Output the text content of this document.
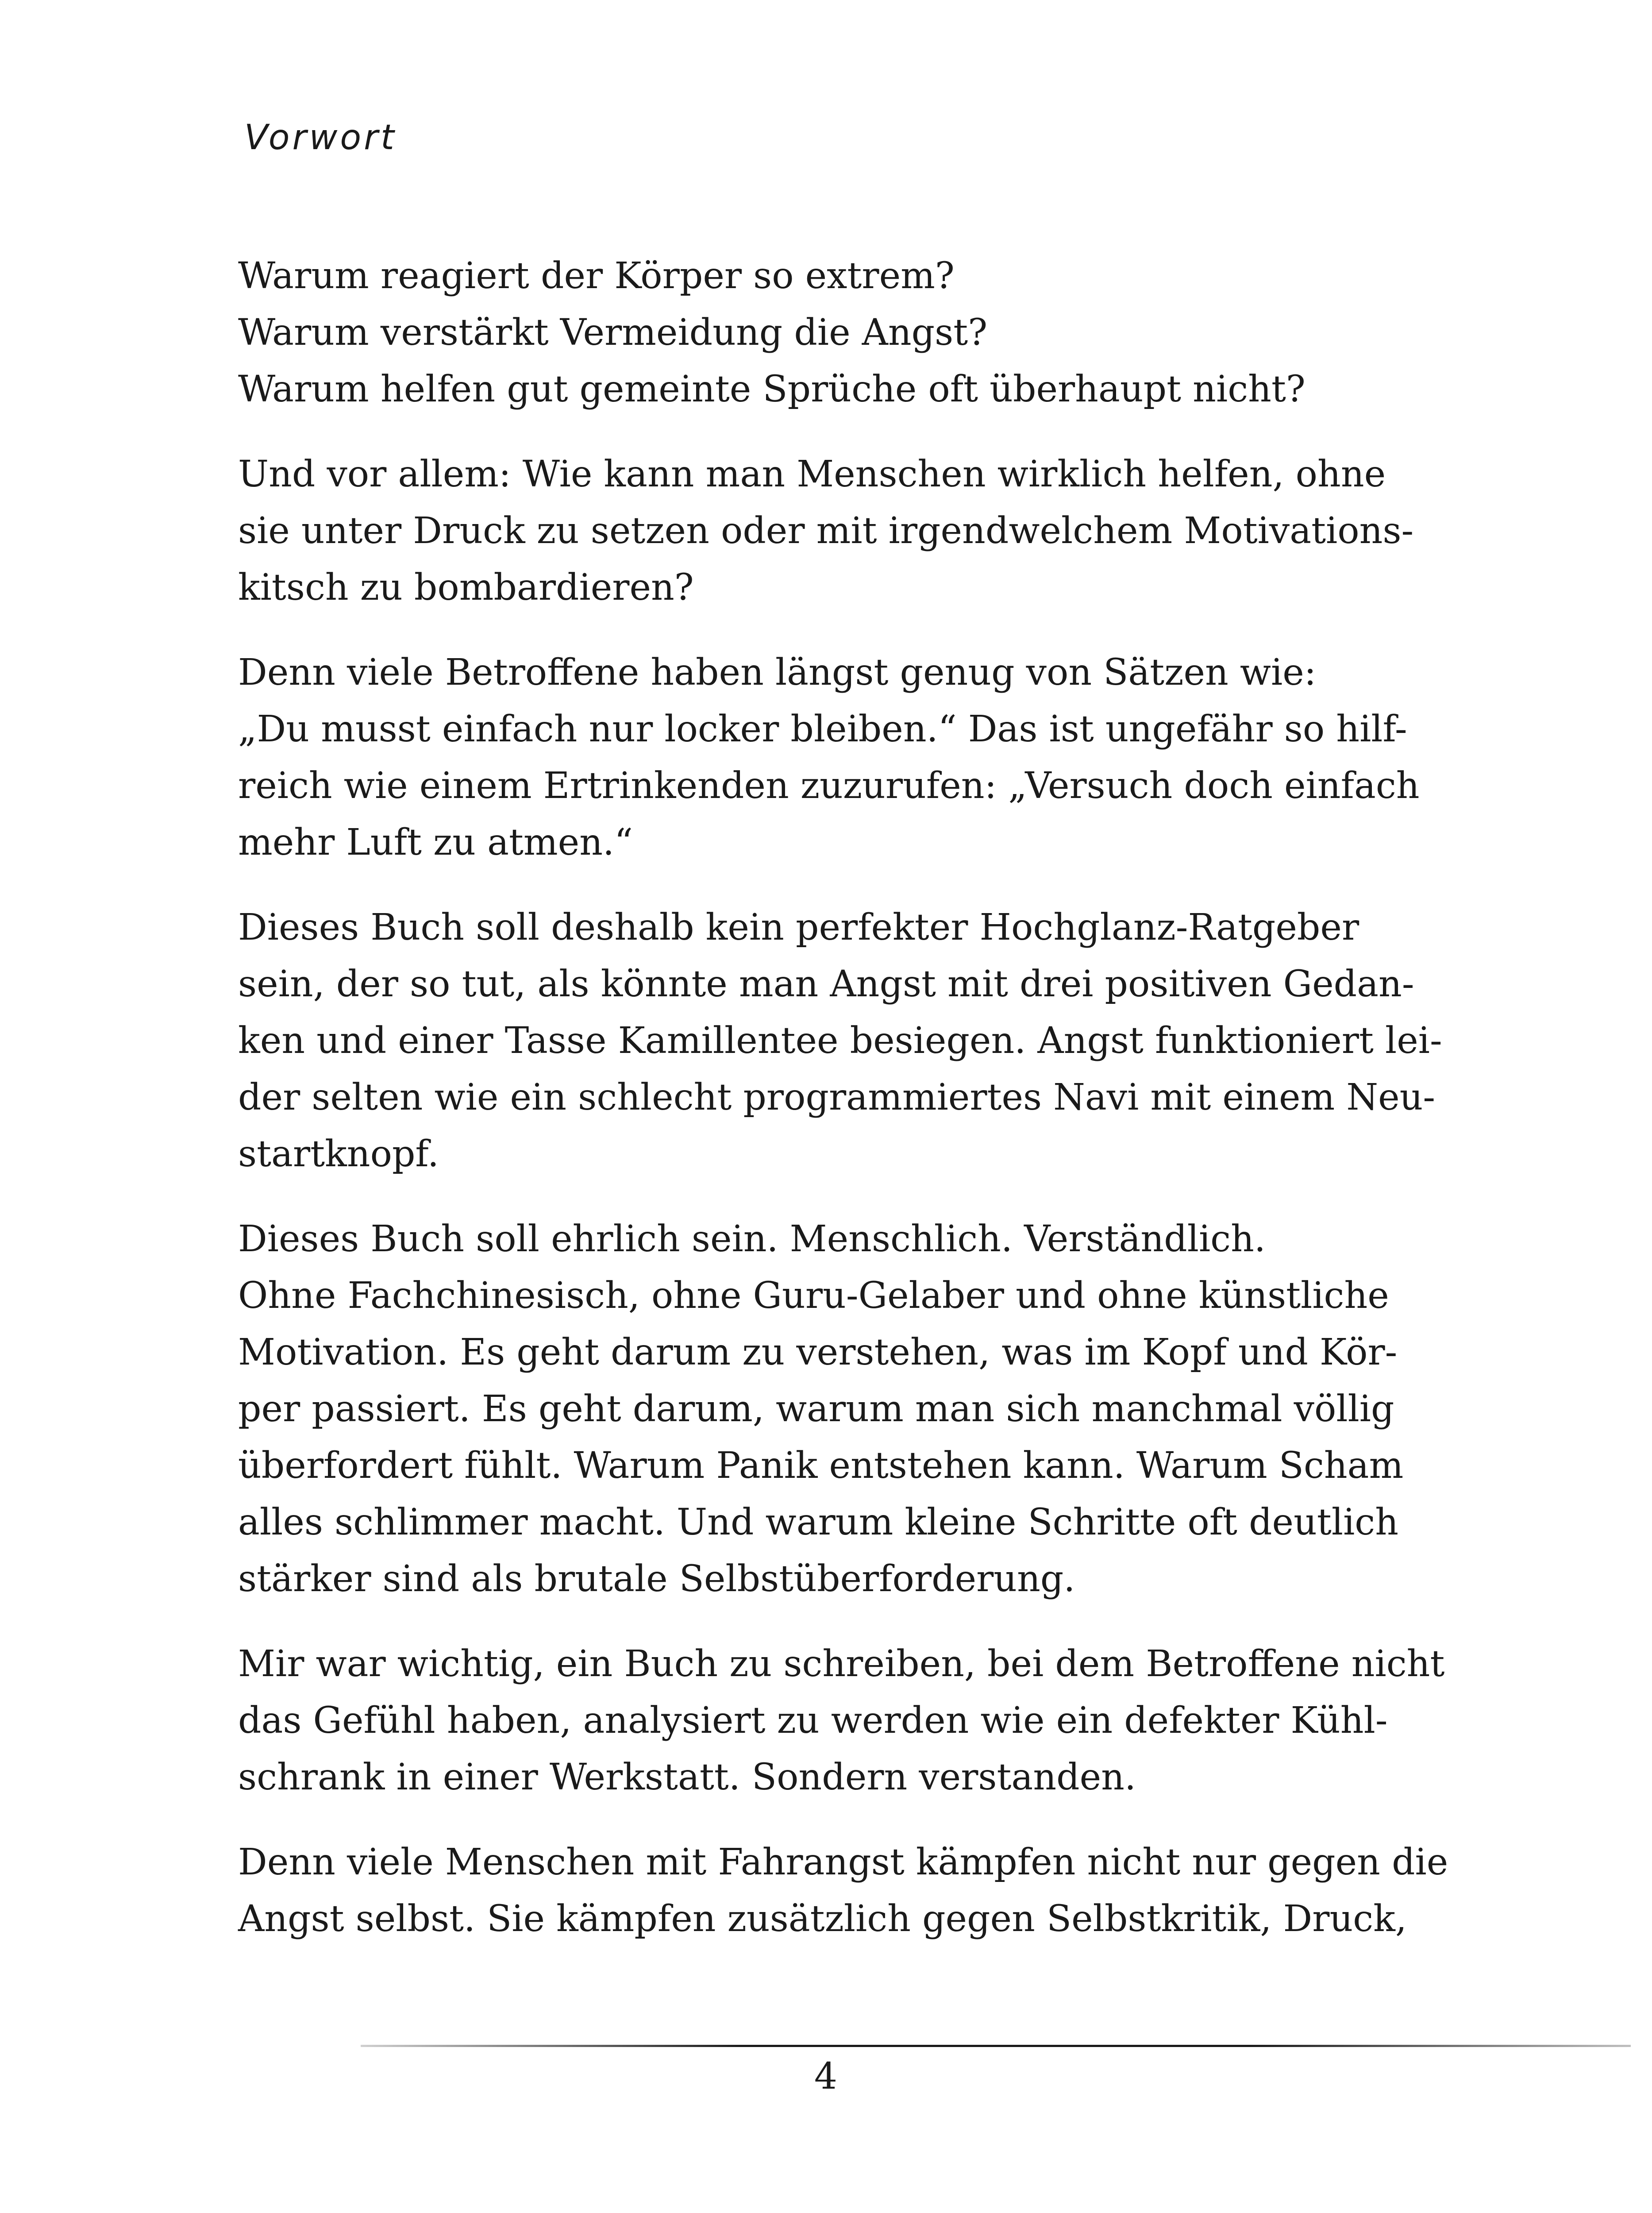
Vorwort

Warum reagiert der Körper so extrem?
Warum verstärkt Vermeidung die Angst?
Warum helfen gut gemeinte Sprüche oft überhaupt nicht?

Und vor allem: Wie kann man Menschen wirklich helfen, ohne
sie unter Druck zu setzen oder mit irgendwelchem Motivations-
kitsch zu bombardieren?

Denn viele Betroffene haben längst genug von Sätzen wie:
„Du musst einfach nur locker bleiben.“ Das ist ungefähr so hilf-
reich wie einem Ertrinkenden zuzurufen: „Versuch doch einfach
mehr Luft zu atmen.“

Dieses Buch soll deshalb kein perfekter Hochglanz-Ratgeber
sein, der so tut, als könnte man Angst mit drei positiven Gedan-
ken und einer Tasse Kamillentee besiegen. Angst funktioniert lei-
der selten wie ein schlecht programmiertes Navi mit einem Neu-
startknopf.

Dieses Buch soll ehrlich sein. Menschlich. Verständlich.
Ohne Fachchinesisch, ohne Guru-Gelaber und ohne künstliche
Motivation. Es geht darum zu verstehen, was im Kopf und Kör-
per passiert. Es geht darum, warum man sich manchmal völlig
überfordert fühlt. Warum Panik entstehen kann. Warum Scham
alles schlimmer macht. Und warum kleine Schritte oft deutlich
stärker sind als brutale Selbstüberforderung.

Mir war wichtig, ein Buch zu schreiben, bei dem Betroffene nicht
das Gefühl haben, analysiert zu werden wie ein defekter Kühl-
schrank in einer Werkstatt. Sondern verstanden.

Denn viele Menschen mit Fahrangst kämpfen nicht nur gegen die
Angst selbst. Sie kämpfen zusätzlich gegen Selbstkritik, Druck,

4
